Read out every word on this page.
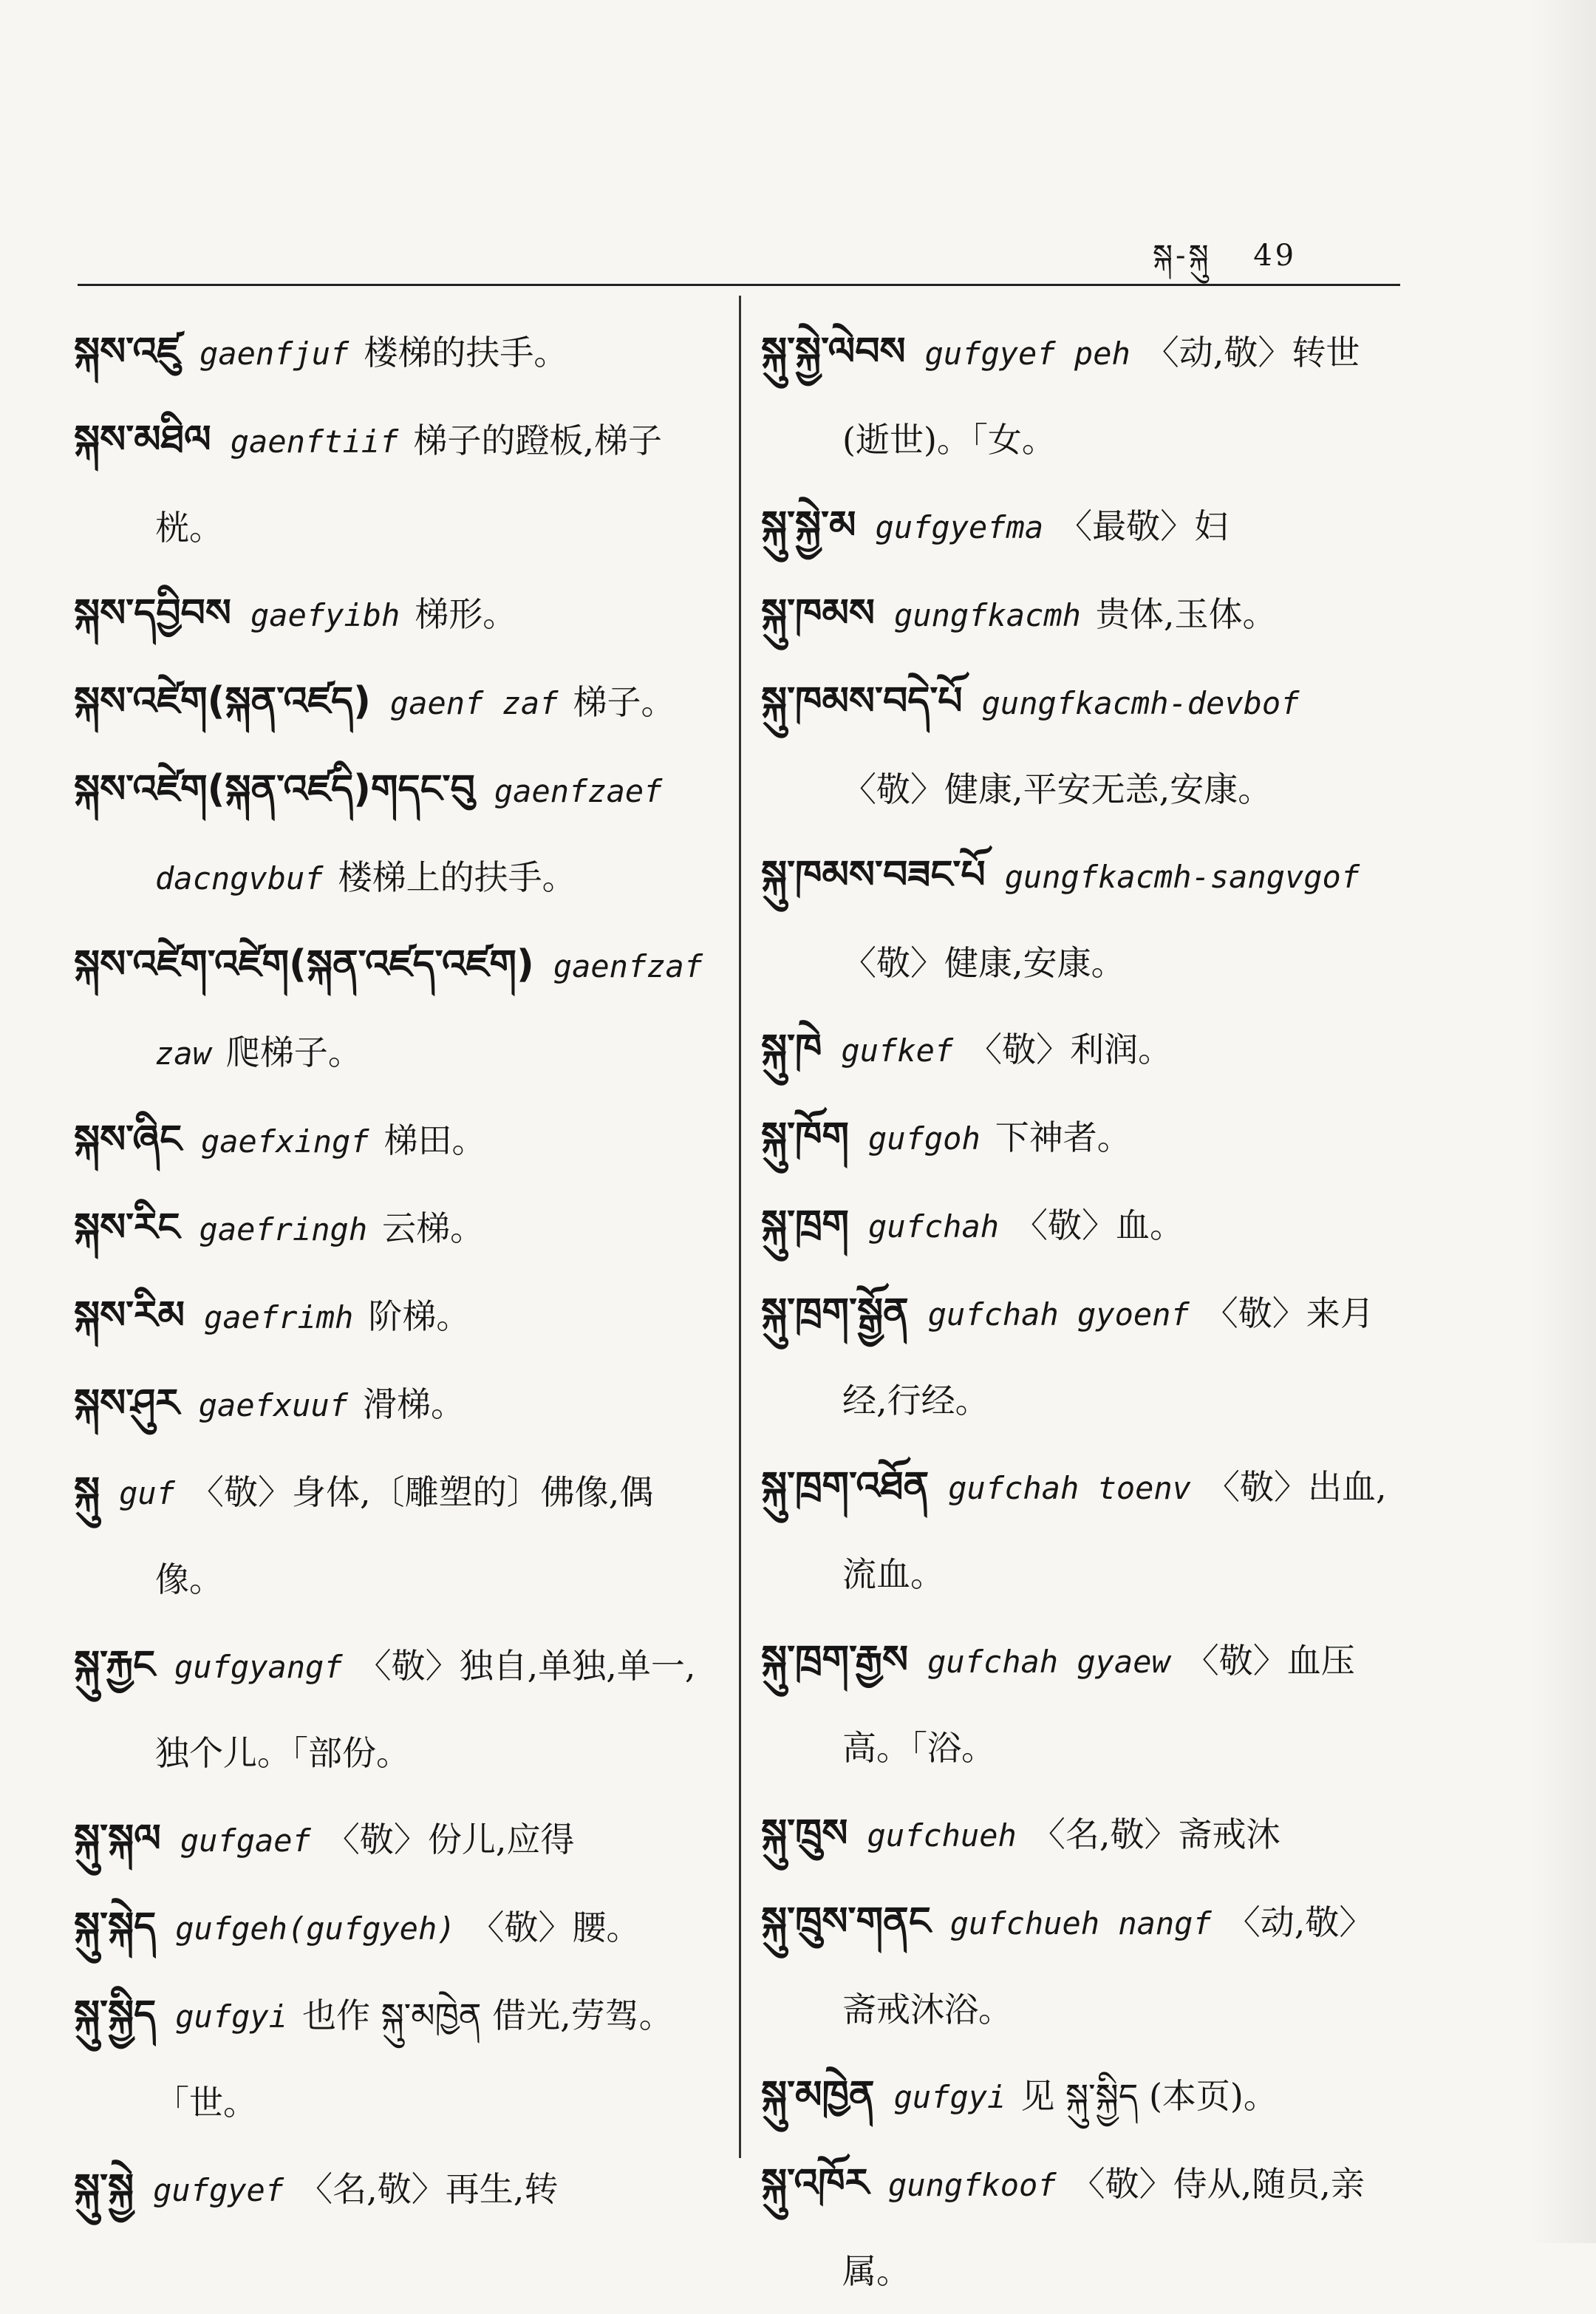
སྐ-སྐུ 49

སྐས་འཛུ gaenfjuf 楼梯的扶手。

སྐས་མཐིལ gaenftiif 梯子的蹬板,梯子桄。

སྐས་དབྱིབས gaefyibh 梯形。

སྐས་འཛེག(སྐན་འཛད) gaenf zaf 梯子。

སྐས་འཛེག(སྐན་འཛདི)གདང་བུ gaenfzaef dacngvbuf 楼梯上的扶手。

སྐས་འཛེག་འཛེག(སྐན་འཛད་འཛག) gaenfzaf zaw 爬梯子。

སྐས་ཞིང gaefxingf 梯田。

སྐས་རིང gaefringh 云梯。

སྐས་རིམ gaefrimh 阶梯。

སྐས་ཤུར gaefxuuf 滑梯。

སྐུ guf 〈敬〉身体,〔雕塑的〕佛像,偶像。

སྐུ་རྐྱང gufgyangf 〈敬〉独自,单独,单一,独个儿。「部份。

སྐུ་སྐལ gufgaef 〈敬〉份儿,应得

སྐུ་སྐེད gufgeh(gufgyeh) 〈敬〉腰。

སྐུ་སྐྱིད gufgyi 也作 སྐུ་མཁྱེན 借光,劳驾。「世。

སྐུ་སྐྱེ gufgyef 〈名,敬〉再生,转

སྐུ་སྐྱེ་ལེབས gufgyef peh 〈动,敬〉转世(逝世)。「女。

སྐུ་སྐྱེ་མ gufgyefma 〈最敬〉妇

སྐུ་ཁམས gungfkacmh 贵体,玉体。

སྐུ་ཁམས་བདེ་པོ gungfkacmh-devbof〈敬〉健康,平安无恙,安康。

སྐུ་ཁམས་བཟང་པོ gungfkacmh-sangvgof〈敬〉健康,安康。

སྐུ་ཁེ gufkef 〈敬〉利润。

སྐུ་ཁོག gufgoh 下神者。

སྐུ་ཁྲག gufchah 〈敬〉血。

སྐུ་ཁྲག་སྒྱོན gufchah gyoenf 〈敬〉来月经,行经。

སྐུ་ཁྲག་འཐོན gufchah toenv 〈敬〉出血,流血。

སྐུ་ཁྲག་རྒྱས gufchah gyaew 〈敬〉血压高。「浴。

སྐུ་ཁྲུས gufchueh 〈名,敬〉斋戒沐

སྐུ་ཁྲུས་གནང gufchueh nangf 〈动,敬〉斋戒沐浴。

སྐུ་མཁྱེན gufgyi 见 སྐུ་སྐྱིད (本页)。

སྐུ་འཁོར gungfkoof 〈敬〉侍从,随员,亲属。
